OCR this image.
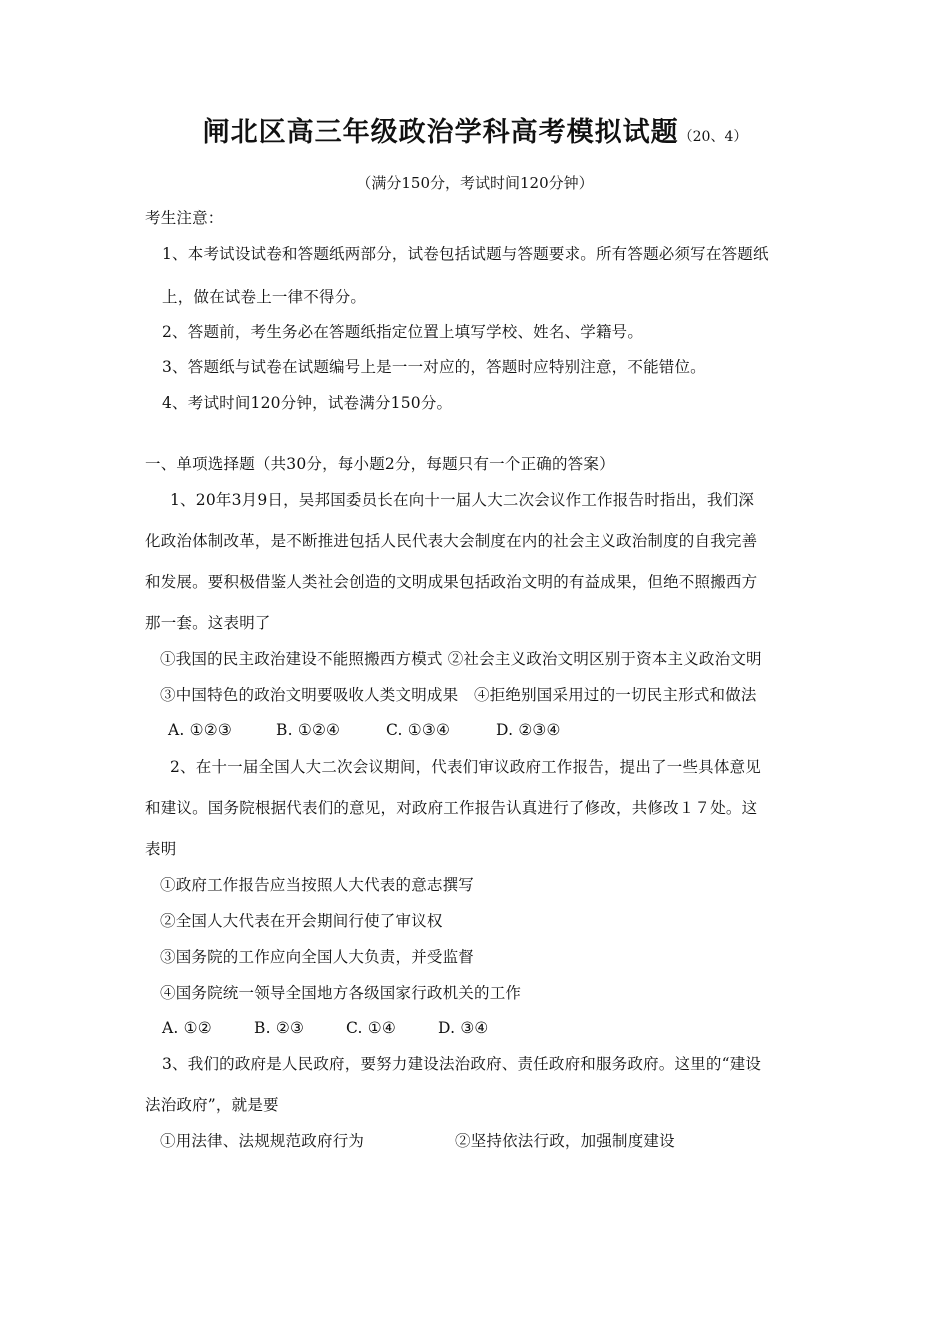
闸北区高三年级政治学科高考模拟试题（20、4）
（满分150分，考试时间120分钟）
考生注意：
1、本考试设试卷和答题纸两部分，试卷包括试题与答题要求。所有答题必须写在答题纸
上，做在试卷上一律不得分。
2、答题前，考生务必在答题纸指定位置上填写学校、姓名、学籍号。
3、答题纸与试卷在试题编号上是一一对应的，答题时应特别注意，不能错位。
4、考试时间120分钟，试卷满分150分。
一、单项选择题（共30分，每小题2分，每题只有一个正确的答案）
1、20年3月9日，吴邦国委员长在向十一届人大二次会议作工作报告时指出，我们深
化政治体制改革，是不断推进包括人民代表大会制度在内的社会主义政治制度的自我完善
和发展。要积极借鉴人类社会创造的文明成果包括政治文明的有益成果，但绝不照搬西方
那一套。这表明了
①我国的民主政治建设不能照搬西方模式 ②社会主义政治文明区别于资本主义政治文明
③中国特色的政治文明要吸收人类文明成果　④拒绝别国采用过的一切民主形式和做法
A. ①②③	B. ①②④	C. ①③④	D. ②③④
2、在十一届全国人大二次会议期间，代表们审议政府工作报告，提出了一些具体意见
和建议。国务院根据代表们的意见，对政府工作报告认真进行了修改，共修改１７处。这
表明
①政府工作报告应当按照人大代表的意志撰写
②全国人大代表在开会期间行使了审议权
③国务院的工作应向全国人大负责，并受监督
④国务院统一领导全国地方各级国家行政机关的工作
A. ①②	B. ②③	C. ①④	D. ③④
3、我们的政府是人民政府，要努力建设法治政府、责任政府和服务政府。这里的“建设
法治政府”，就是要
①用法律、法规规范政府行为	②坚持依法行政，加强制度建设
